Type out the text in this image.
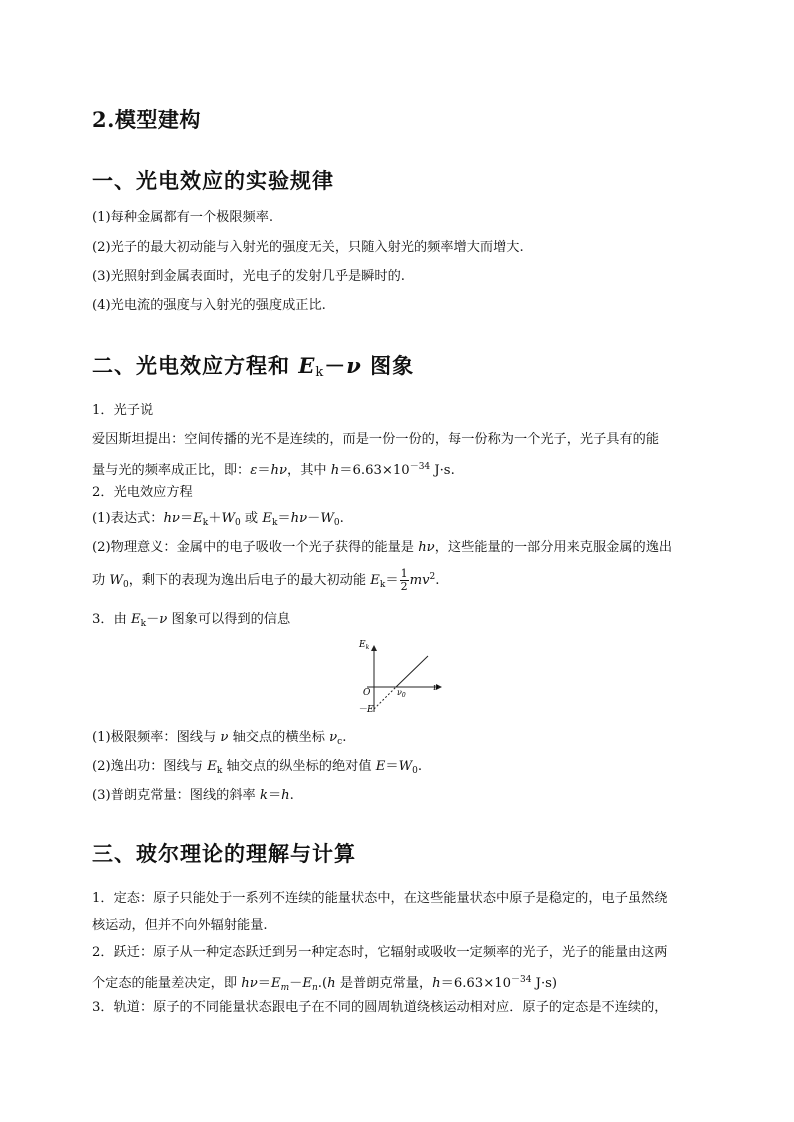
2.模型建构
一、光电效应的实验规律
(1)每种金属都有一个极限频率.
(2)光子的最大初动能与入射光的强度无关，只随入射光的频率增大而增大.
(3)光照射到金属表面时，光电子的发射几乎是瞬时的.
(4)光电流的强度与入射光的强度成正比.
二、光电效应方程和 $E_k-\nu$ 图象
1．光子说
爱因斯坦提出：空间传播的光不是连续的，而是一份一份的，每一份称为一个光子，光子具有的能
量与光的频率成正比，即：ε＝hν，其中 $h=6.63\times 10^{-34}$ J·s.
2．光电效应方程
(1)表达式：$h\nu=E_k+W_0$ 或 $E_k=h\nu-W_0$.
(2)物理意义：金属中的电子吸收一个光子获得的能量是 hν，这些能量的一部分用来克服金属的逸出
功 $W_0$，剩下的表现为逸出后电子的最大初动能 $E_k= \frac{1}{2} mv^2$.
3．由 $E_k-\nu$ 图象可以得到的信息
$E_k$
O	$\nu_0$
ν
－E
(1)极限频率：图线与 ν 轴交点的横坐标 $\nu_c$.
(2)逸出功：图线与 $E_k$ 轴交点的纵坐标的绝对值 $E=W_0$.
(3)普朗克常量：图线的斜率 k＝h.
三、玻尔理论的理解与计算
1．定态：原子只能处于一系列不连续的能量状态中，在这些能量状态中原子是稳定的，电子虽然绕
核运动，但并不向外辐射能量.
2．跃迁：原子从一种定态跃迁到另一种定态时，它辐射或吸收一定频率的光子，光子的能量由这两
个定态的能量差决定，即 $h\nu=E_m-E_n.(h$ 是普朗克常量，$h=6.63\times 10^{-34}$ J·s)
3．轨道：原子的不同能量状态跟电子在不同的圆周轨道绕核运动相对应．原子的定态是不连续的，
